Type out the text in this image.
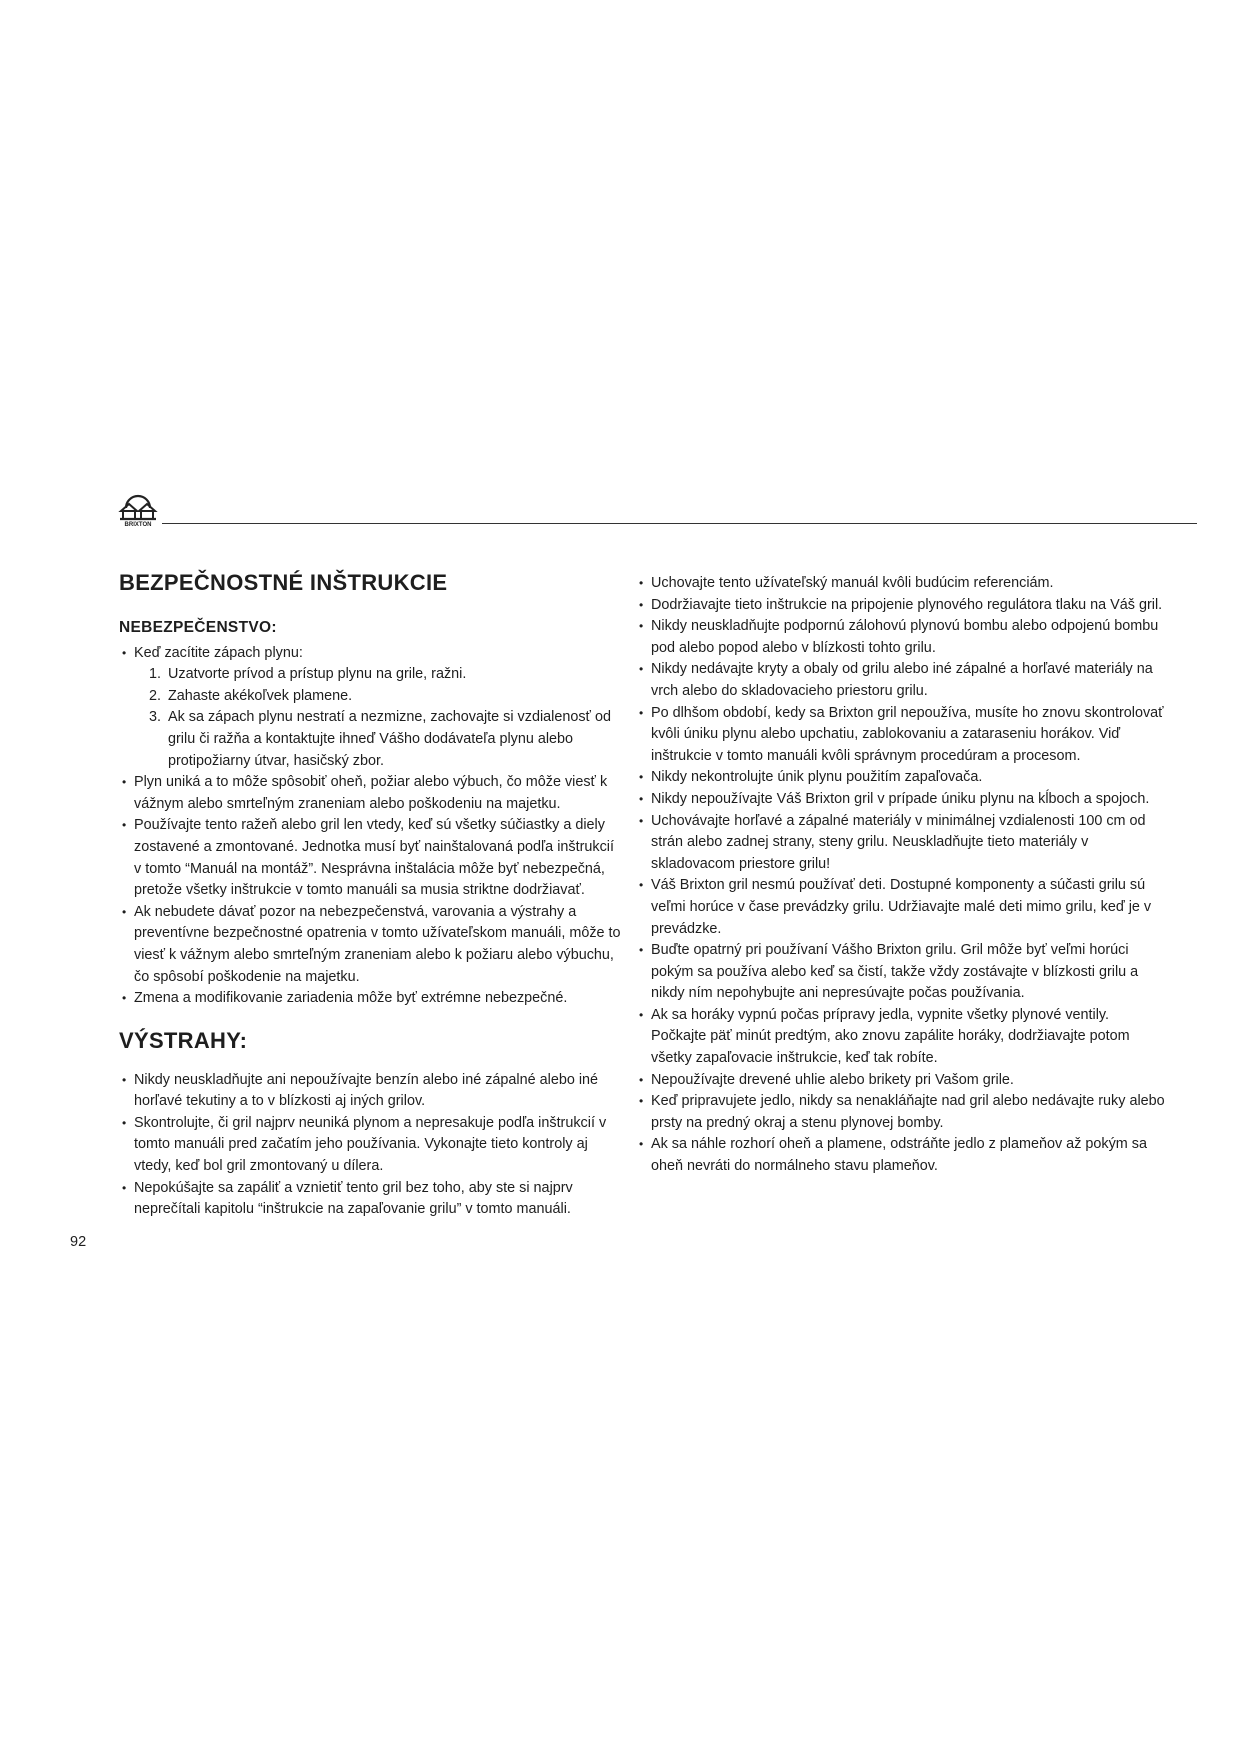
BRIXTON
BEZPEČNOSTNÉ INŠTRUKCIE
NEBEZPEČENSTVO:
• Keď zacítite zápach plynu:
1. Uzatvorte prívod a prístup plynu na grile, ražni.
2. Zahaste akékoľvek plamene.
3. Ak sa zápach plynu nestratí a nezmizne, zachovajte si vzdialenosť od grilu či ražňa a kontaktujte ihneď Vášho dodávateľa plynu alebo protipožiarny útvar, hasičský zbor.
• Plyn uniká a to môže spôsobiť oheň, požiar alebo výbuch, čo môže viesť k vážnym alebo smrteľným zraneniam alebo poškodeniu na majetku.
• Používajte tento ražeň alebo gril len vtedy, keď sú všetky súčiastky a diely zostavené a zmontované. Jednotka musí byť nainštalovaná podľa inštrukcií v tomto “Manuál na montáž”. Nesprávna inštalácia môže byť nebezpečná, pretože všetky inštrukcie v tomto manuáli sa musia striktne dodržiavať.
• Ak nebudete dávať pozor na nebezpečenstvá, varovania a výstrahy a preventívne bezpečnostné opatrenia v tomto užívateľskom manuáli, môže to viesť k vážnym alebo smrteľným zraneniam alebo k požiaru alebo výbuchu, čo spôsobí poškodenie na majetku.
• Zmena a modifikovanie zariadenia môže byť extrémne nebezpečné.
VÝSTRAHY:
• Nikdy neuskladňujte ani nepoužívajte benzín alebo iné zápalné alebo iné horľavé tekutiny a to v blízkosti aj iných grilov.
• Skontrolujte, či gril najprv neuniká plynom a nepresakuje podľa inštrukcií v tomto manuáli pred začatím jeho používania. Vykonajte tieto kontroly aj vtedy, keď bol gril zmontovaný u dílera.
• Nepokúšajte sa zapáliť a vznietiť tento gril bez toho, aby ste si najprv neprečítali kapitolu “inštrukcie na zapaľovanie grilu” v tomto manuáli.
• Uchovajte tento užívateľský manuál kvôli budúcim referenciám.
• Dodržiavajte tieto inštrukcie na pripojenie plynového regulátora tlaku na Váš gril.
• Nikdy neuskladňujte podpornú zálohovú plynovú bombu alebo odpojenú bombu pod alebo popod alebo v blízkosti tohto grilu.
• Nikdy nedávajte kryty a obaly od grilu alebo iné zápalné a horľavé materiály na vrch alebo do skladovacieho priestoru grilu.
• Po dlhšom období, kedy sa Brixton gril nepoužíva, musíte ho znovu skontrolovať kvôli úniku plynu alebo upchatiu, zablokovaniu a zataraseniu horákov. Viď inštrukcie v tomto manuáli kvôli správnym procedúram a procesom.
• Nikdy nekontrolujte únik plynu použitím zapaľovača.
• Nikdy nepoužívajte Váš Brixton gril v prípade úniku plynu na kĺboch a spojoch.
• Uchovávajte horľavé a zápalné materiály v minimálnej vzdialenosti 100 cm od strán alebo zadnej strany, steny grilu. Neuskladňujte tieto materiály v skladovacom priestore grilu!
• Váš Brixton gril nesmú používať deti. Dostupné komponenty a súčasti grilu sú veľmi horúce v čase prevádzky grilu. Udržiavajte malé deti mimo grilu, keď je v prevádzke.
• Buďte opatrný pri používaní Vášho Brixton grilu. Gril môže byť veľmi horúci pokým sa používa alebo keď sa čistí, takže vždy zostávajte v blízkosti grilu a nikdy ním nepohybujte ani nepresúvajte počas používania.
• Ak sa horáky vypnú počas prípravy jedla, vypnite všetky plynové ventily. Počkajte päť minút predtým, ako znovu zapálite horáky, dodržiavajte potom všetky zapaľovacie inštrukcie, keď tak robíte.
• Nepoužívajte drevené uhlie alebo brikety pri Vašom grile.
• Keď pripravujete jedlo, nikdy sa nenakláňajte nad gril alebo nedávajte ruky alebo prsty na predný okraj a stenu plynovej bomby.
• Ak sa náhle rozhorí oheň a plamene, odstráňte jedlo z plameňov až pokým sa oheň nevráti do normálneho stavu plameňov.
92
